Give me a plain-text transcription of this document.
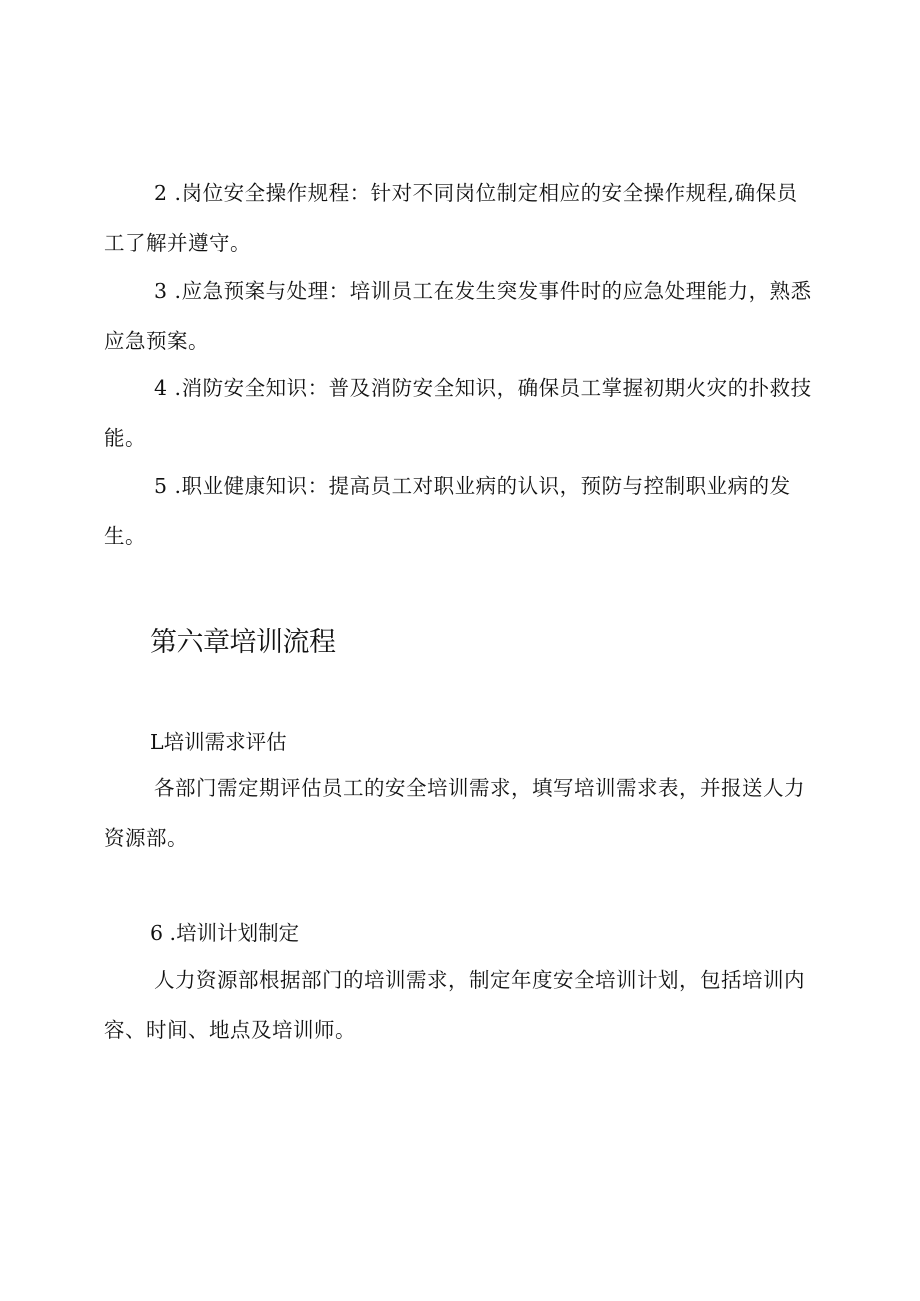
2 .岗位安全操作规程：针对不同岗位制定相应的安全操作规程,确保员工了解并遵守。

3 .应急预案与处理：培训员工在发生突发事件时的应急处理能力，熟悉应急预案。

4 .消防安全知识：普及消防安全知识，确保员工掌握初期火灾的扑救技能。

5 .职业健康知识：提高员工对职业病的认识，预防与控制职业病的发生。

第六章培训流程

L培训需求评估

各部门需定期评估员工的安全培训需求，填写培训需求表，并报送人力资源部。

6 .培训计划制定

人力资源部根据部门的培训需求，制定年度安全培训计划，包括培训内容、时间、地点及培训师。
